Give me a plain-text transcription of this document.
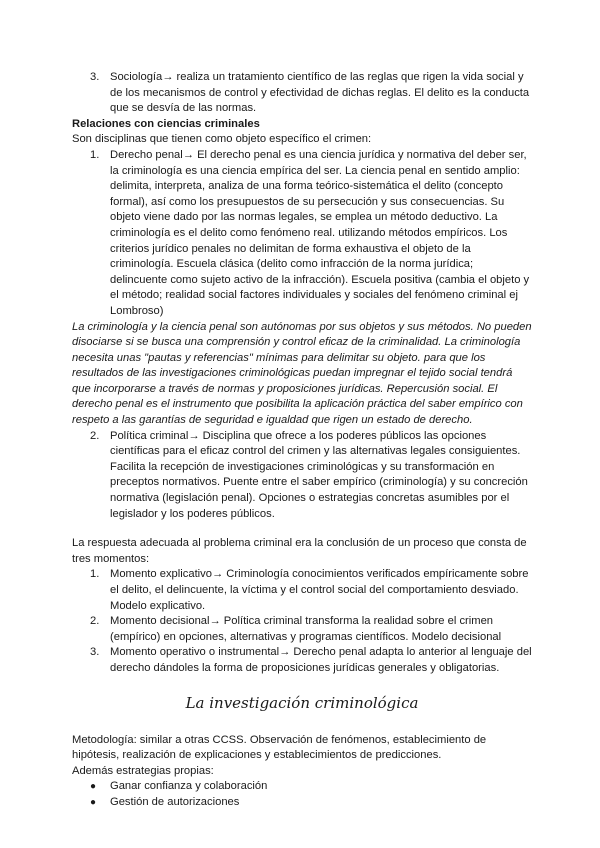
3. Sociología→ realiza un tratamiento científico de las reglas que rigen la vida social y de los mecanismos de control y efectividad de dichas reglas. El delito es la conducta que se desvía de las normas.
Relaciones con ciencias criminales
Son disciplinas que tienen como objeto específico el crimen:
1. Derecho penal→ El derecho penal es una ciencia jurídica y normativa del deber ser, la criminología es una ciencia empírica del ser. La ciencia penal en sentido amplio: delimita, interpreta, analiza de una forma teórico-sistemática el delito (concepto formal), así como los presupuestos de su persecución y sus consecuencias. Su objeto viene dado por las normas legales, se emplea un método deductivo. La criminología es el delito como fenómeno real. utilizando métodos empíricos. Los criterios jurídico penales no delimitan de forma exhaustiva el objeto de la criminología. Escuela clásica (delito como infracción de la norma jurídica; delincuente como sujeto activo de la infracción). Escuela positiva (cambia el objeto y el método; realidad social factores individuales y sociales del fenómeno criminal ej Lombroso)
La criminología y la ciencia penal son autónomas por sus objetos y sus métodos. No pueden disociarse si se busca una comprensión y control eficaz de la criminalidad. La criminología necesita unas "pautas y referencias" mínimas para delimitar su objeto. para que los resultados de las investigaciones criminológicas puedan impregnar el tejido social tendrá que incorporarse a través de normas y proposiciones jurídicas. Repercusión social. El derecho penal es el instrumento que posibilita la aplicación práctica del saber empírico con respeto a las garantías de seguridad e igualdad que rigen un estado de derecho.
2. Política criminal→ Disciplina que ofrece a los poderes públicos las opciones científicas para el eficaz control del crimen y las alternativas legales consiguientes. Facilita la recepción de investigaciones criminológicas y su transformación en preceptos normativos. Puente entre el saber empírico (criminología) y su concreción normativa (legislación penal). Opciones o estrategias concretas asumibles por el legislador y los poderes públicos.
La respuesta adecuada al problema criminal era la conclusión de un proceso que consta de tres momentos:
1. Momento explicativo→ Criminología conocimientos verificados empíricamente sobre el delito, el delincuente, la víctima y el control social del comportamiento desviado. Modelo explicativo.
2. Momento decisional→ Política criminal transforma la realidad sobre el crimen (empírico) en opciones, alternativas y programas científicos. Modelo decisional
3. Momento operativo o instrumental→ Derecho penal adapta lo anterior al lenguaje del derecho dándoles la forma de proposiciones jurídicas generales y obligatorias.
La investigación criminológica
Metodología: similar a otras CCSS. Observación de fenómenos, establecimiento de hipótesis, realización de explicaciones y establecimientos de predicciones.
Además estrategias propias:
● Ganar confianza y colaboración
● Gestión de autorizaciones
